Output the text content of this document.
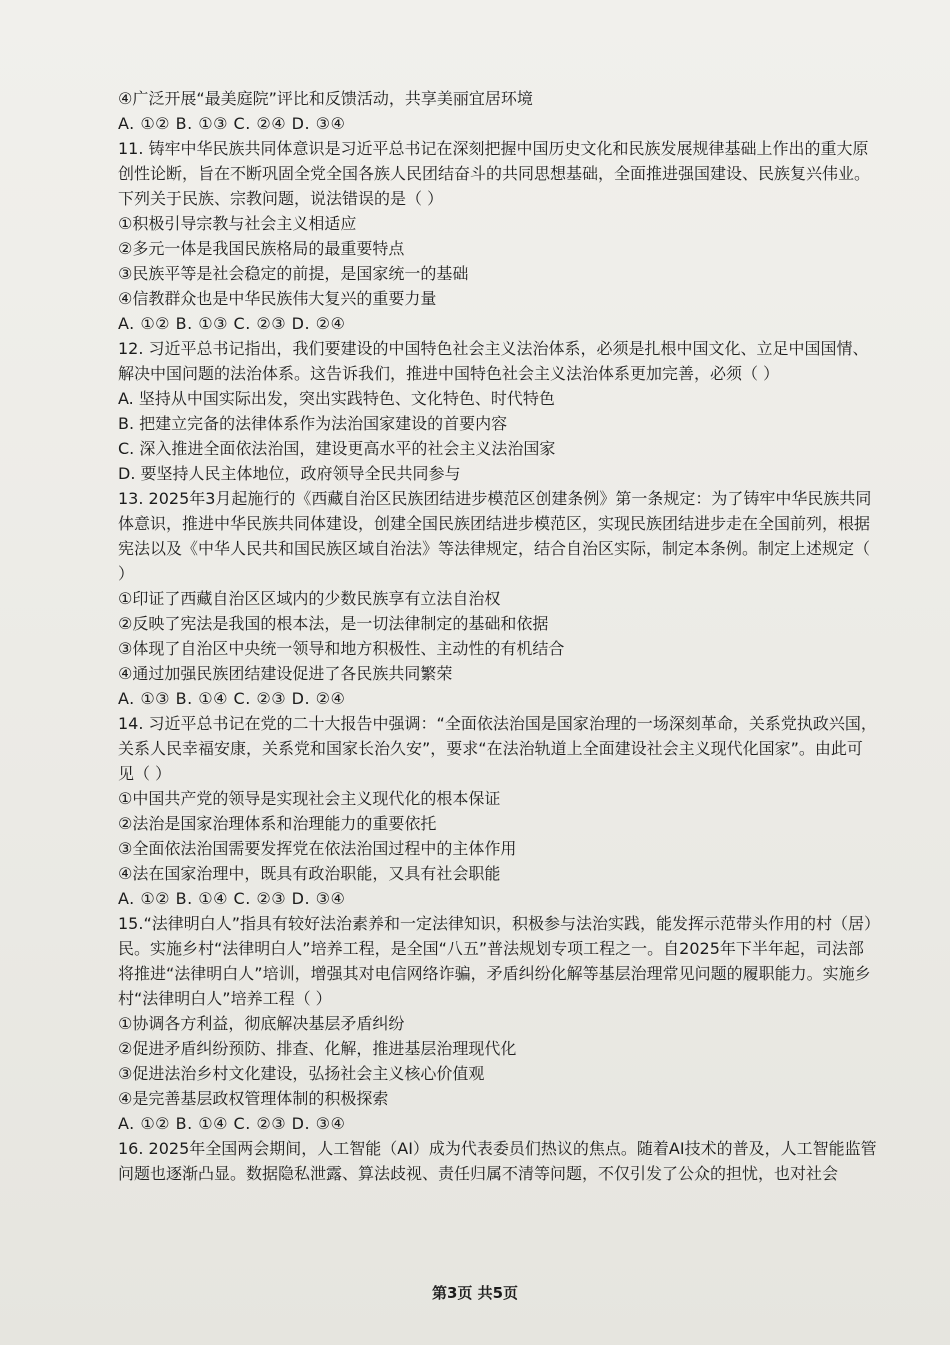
④广泛开展“最美庭院”评比和反馈活动，共享美丽宜居环境
A. ①② B. ①③ C. ②④ D. ③④
11. 铸牢中华民族共同体意识是习近平总书记在深刻把握中国历史文化和民族发展规律基础上作出的重大原创性论断，旨在不断巩固全党全国各族人民团结奋斗的共同思想基础，全面推进强国建设、民族复兴伟业。下列关于民族、宗教问题，说法错误的是（ ）
①积极引导宗教与社会主义相适应
②多元一体是我国民族格局的最重要特点
③民族平等是社会稳定的前提，是国家统一的基础
④信教群众也是中华民族伟大复兴的重要力量
A. ①② B. ①③ C. ②③ D. ②④
12. 习近平总书记指出，我们要建设的中国特色社会主义法治体系，必须是扎根中国文化、立足中国国情、解决中国问题的法治体系。这告诉我们，推进中国特色社会主义法治体系更加完善，必须（ ）
A. 坚持从中国实际出发，突出实践特色、文化特色、时代特色
B. 把建立完备的法律体系作为法治国家建设的首要内容
C. 深入推进全面依法治国，建设更高水平的社会主义法治国家
D. 要坚持人民主体地位，政府领导全民共同参与
13. 2025年3月起施行的《西藏自治区民族团结进步模范区创建条例》第一条规定：为了铸牢中华民族共同体意识，推进中华民族共同体建设，创建全国民族团结进步模范区，实现民族团结进步走在全国前列，根据宪法以及《中华人民共和国民族区域自治法》等法律规定，结合自治区实际，制定本条例。制定上述规定（ ）
①印证了西藏自治区区域内的少数民族享有立法自治权
②反映了宪法是我国的根本法，是一切法律制定的基础和依据
③体现了自治区中央统一领导和地方积极性、主动性的有机结合
④通过加强民族团结建设促进了各民族共同繁荣
A. ①③ B. ①④ C. ②③ D. ②④
14. 习近平总书记在党的二十大报告中强调：“全面依法治国是国家治理的一场深刻革命，关系党执政兴国，关系人民幸福安康，关系党和国家长治久安”，要求“在法治轨道上全面建设社会主义现代化国家”。由此可见（ ）
①中国共产党的领导是实现社会主义现代化的根本保证
②法治是国家治理体系和治理能力的重要依托
③全面依法治国需要发挥党在依法治国过程中的主体作用
④法在国家治理中，既具有政治职能，又具有社会职能
A. ①② B. ①④ C. ②③ D. ③④
15.“法律明白人”指具有较好法治素养和一定法律知识，积极参与法治实践，能发挥示范带头作用的村（居）民。实施乡村“法律明白人”培养工程，是全国“八五”普法规划专项工程之一。自2025年下半年起，司法部将推进“法律明白人”培训，增强其对电信网络诈骗，矛盾纠纷化解等基层治理常见问题的履职能力。实施乡村“法律明白人”培养工程（ ）
①协调各方利益，彻底解决基层矛盾纠纷
②促进矛盾纠纷预防、排查、化解，推进基层治理现代化
③促进法治乡村文化建设，弘扬社会主义核心价值观
④是完善基层政权管理体制的积极探索
A. ①② B. ①④ C. ②③ D. ③④
16. 2025年全国两会期间，人工智能（AI）成为代表委员们热议的焦点。随着AI技术的普及，人工智能监管问题也逐渐凸显。数据隐私泄露、算法歧视、责任归属不清等问题，不仅引发了公众的担忧，也对社会
第3页 共5页
